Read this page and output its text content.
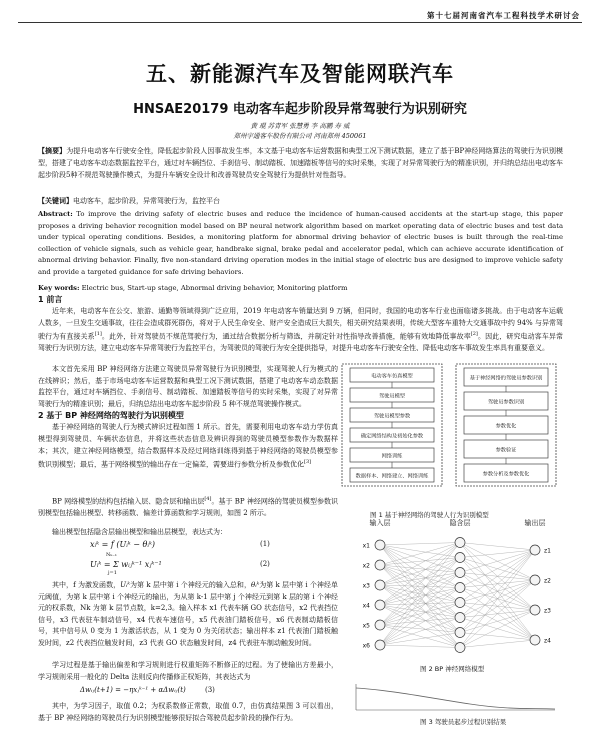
第十七届河南省汽车工程科技学术研讨会
五、新能源汽车及智能网联汽车
HNSAE20179 电动客车起步阶段异常驾驶行为识别研究
黄 琨 苏青军 张慧勇 李 高鹏 寿 威
郑州宇通客车股份有限公司 河南郑州 450061
【摘要】为提升电动客车行驶安全性，降低起步阶段人因事故发生率，本文基于电动客车运营数据和典型工况下测试数据，建立了基于BP神经网络算法的驾驶行为识别模型，搭建了电动客车动态数据监控平台，通过对车辆挡位、手刹信号、制动踏板、加速踏板等信号的实时采集，实现了对异常驾驶行为的精准识别，并归纳总结出电动客车起步阶段5种不规范驾驶操作模式，为提升车辆安全设计和改善驾驶员安全驾驶行为提供针对性指导。
【关键词】电动客车，起步阶段，异常驾驶行为，监控平台
Abstract: To improve the driving safety of electric buses and reduce the incidence of human-caused accidents at the start-up stage, this paper proposes a driving behavior recognition model based on BP neural network algorithm based on market operating data of electric buses and test data under typical operating conditions. Besides, a monitoring platform for abnormal driving behavior of electric buses is built through the real-time collection of vehicle signals, such as vehicle gear, handbrake signal, brake pedal and accelerator pedal, which can achieve accurate identification of abnormal driving behavior. Finally, five non-standard driving operation modes in the initial stage of electric bus are designed to improve vehicle safety and provide a targeted guidance for safe driving behaviors.
Key words: Electric bus, Start-up stage, Abnormal driving behavior, Monitoring platform
1 前言
近年来，电动客车在公交、旅游、通勤等领域得到广泛应用，2019 年电动客车销量达到 9 万辆，但同时，我国的电动客车行业也面临诸多挑战。由于电动客车运载人数多，一旦发生交通事故，往往会造成群死群伤，将对于人民生命安全、财产安全造成巨大损失，相关研究结果表明，传统大型客车重特大交通事故中约 94% 与异常驾驶行为有直接关系[1]。此外，针对驾驶员不规范驾驶行为，通过结合数据分析与筛选，并制定针对性指导改善措施，能够有效地降低事故率[2]。因此，研究电动客车异常驾驶行为识别方法，建立电动客车异常驾驶行为监控平台，为驾驶员的驾驶行为安全提供指导，对提升电动客车行驶安全性、降低电动客车事故发生率具有重要意义。
本文首先采用 BP 神经网络方法建立驾驶员异常驾驶行为识别模型，实现驾驶人行为模式的在线辨识；然后，基于市场电动客车运营数据和典型工况下测试数据，搭建了电动客车动态数据监控平台，通过对车辆挡位、手刹信号、制动踏板、加速踏板等信号的实时采集，实现了对异常驾驶行为的精准识别；最后，归纳总结出电动客车起步阶段 5 种不规范驾驶操作模式。
2 基于 BP 神经网络的驾驶行为识别模型
基于神经网络的驾驶人行为模式辨识过程如图 1 所示。首先，需要利用电动客车动力学仿真模型得到驾驶员、车辆状态信息，并将这些状态信息及辨识得到的驾驶员模型参数作为数据样本；其次，建立神经网络模型，结合数据样本及经过网络训练得到基于神经网络的驾驶员模型参数识别模型；最后，基于网络模型的输出存在一定偏差，需要进行参数分析及参数优化[3]
电动客车仿真模型
驾驶员模型
驾驶员模型参数
确定网络结构及初始化参数
网络训练
数据样本、网络建立、网络训练
基于神经网络的驾驶员参数识别
驾驶员参数识别
参数优化
参数验证
参数分析及参数优化
图 1 基于神经网络的驾驶人行为识别模型
BP 网络模型的结构包括输入层、隐含层和输出层[4]。基于 BP 神经网络的驾驶员模型参数识别模型包括输出模型、转移函数、偏差计算函数和学习规则，如图 2 所示。
输出模型包括隐含层输出模型和输出层模型，表达式为：
xᵢᵏ = f (Uᵢᵏ − θᵢᵏ)	(1)
Uᵢᵏ = Σ wᵢⱼᵏ⁻¹ xⱼᵏ⁻¹
Nₖ₋₁
j=1
(2)
其中，f 为激发函数，Uᵢᵏ为第 k 层中第 i 个神经元的输入总和，θᵢᵏ为第 k 层中第 i 个神经单元阈值，为第 k 层中第 i 个神经元的输出，为从第 k-1 层中第 j 个神经元到第 k 层的第 i 个神经元的权系数，Nk 为第 k 层节点数，k=2,3。输入样本 x1 代表车辆 GO 状态信号，x2 代表挡位信号，x3 代表驻车制动信号，x4 代表车速信号，x5 代表油门踏板信号，x6 代表制动踏板信号，其中信号从 0 变为 1 为激活状态，从 1 变为 0 为关闭状态；输出样本 z1 代表油门踏板触发时间，z2 代表挡位触发时间，z3 代表 GO 状态触发时间，z4 代表驻车制动触发时间。
输入层	隐含层	输出层
x1
x2
x3
x4
x5
x6
z1
z2
z3
z4
图 2 BP 神经网络模型
学习过程是基于输出偏差和学习规则进行权重矩阵不断修正的过程。为了使输出方差最小，学习规则采用一般化的 Delta 法则反向传播修正权矩阵，其表达式为
Δwᵢⱼ(t+1) = −ηxⱼᵏ⁻¹ + αΔwᵢⱼ(t)	(3)
其中，为学习因子，取值 0.2；为权系数修正常数，取值 0.7，由仿真结果图 3 可以看出，基于 BP 神经网络的驾驶员行为识别模型能够很好拟合驾驶员起步阶段的操作行为。	图 3 驾驶员起步过程识别结果
